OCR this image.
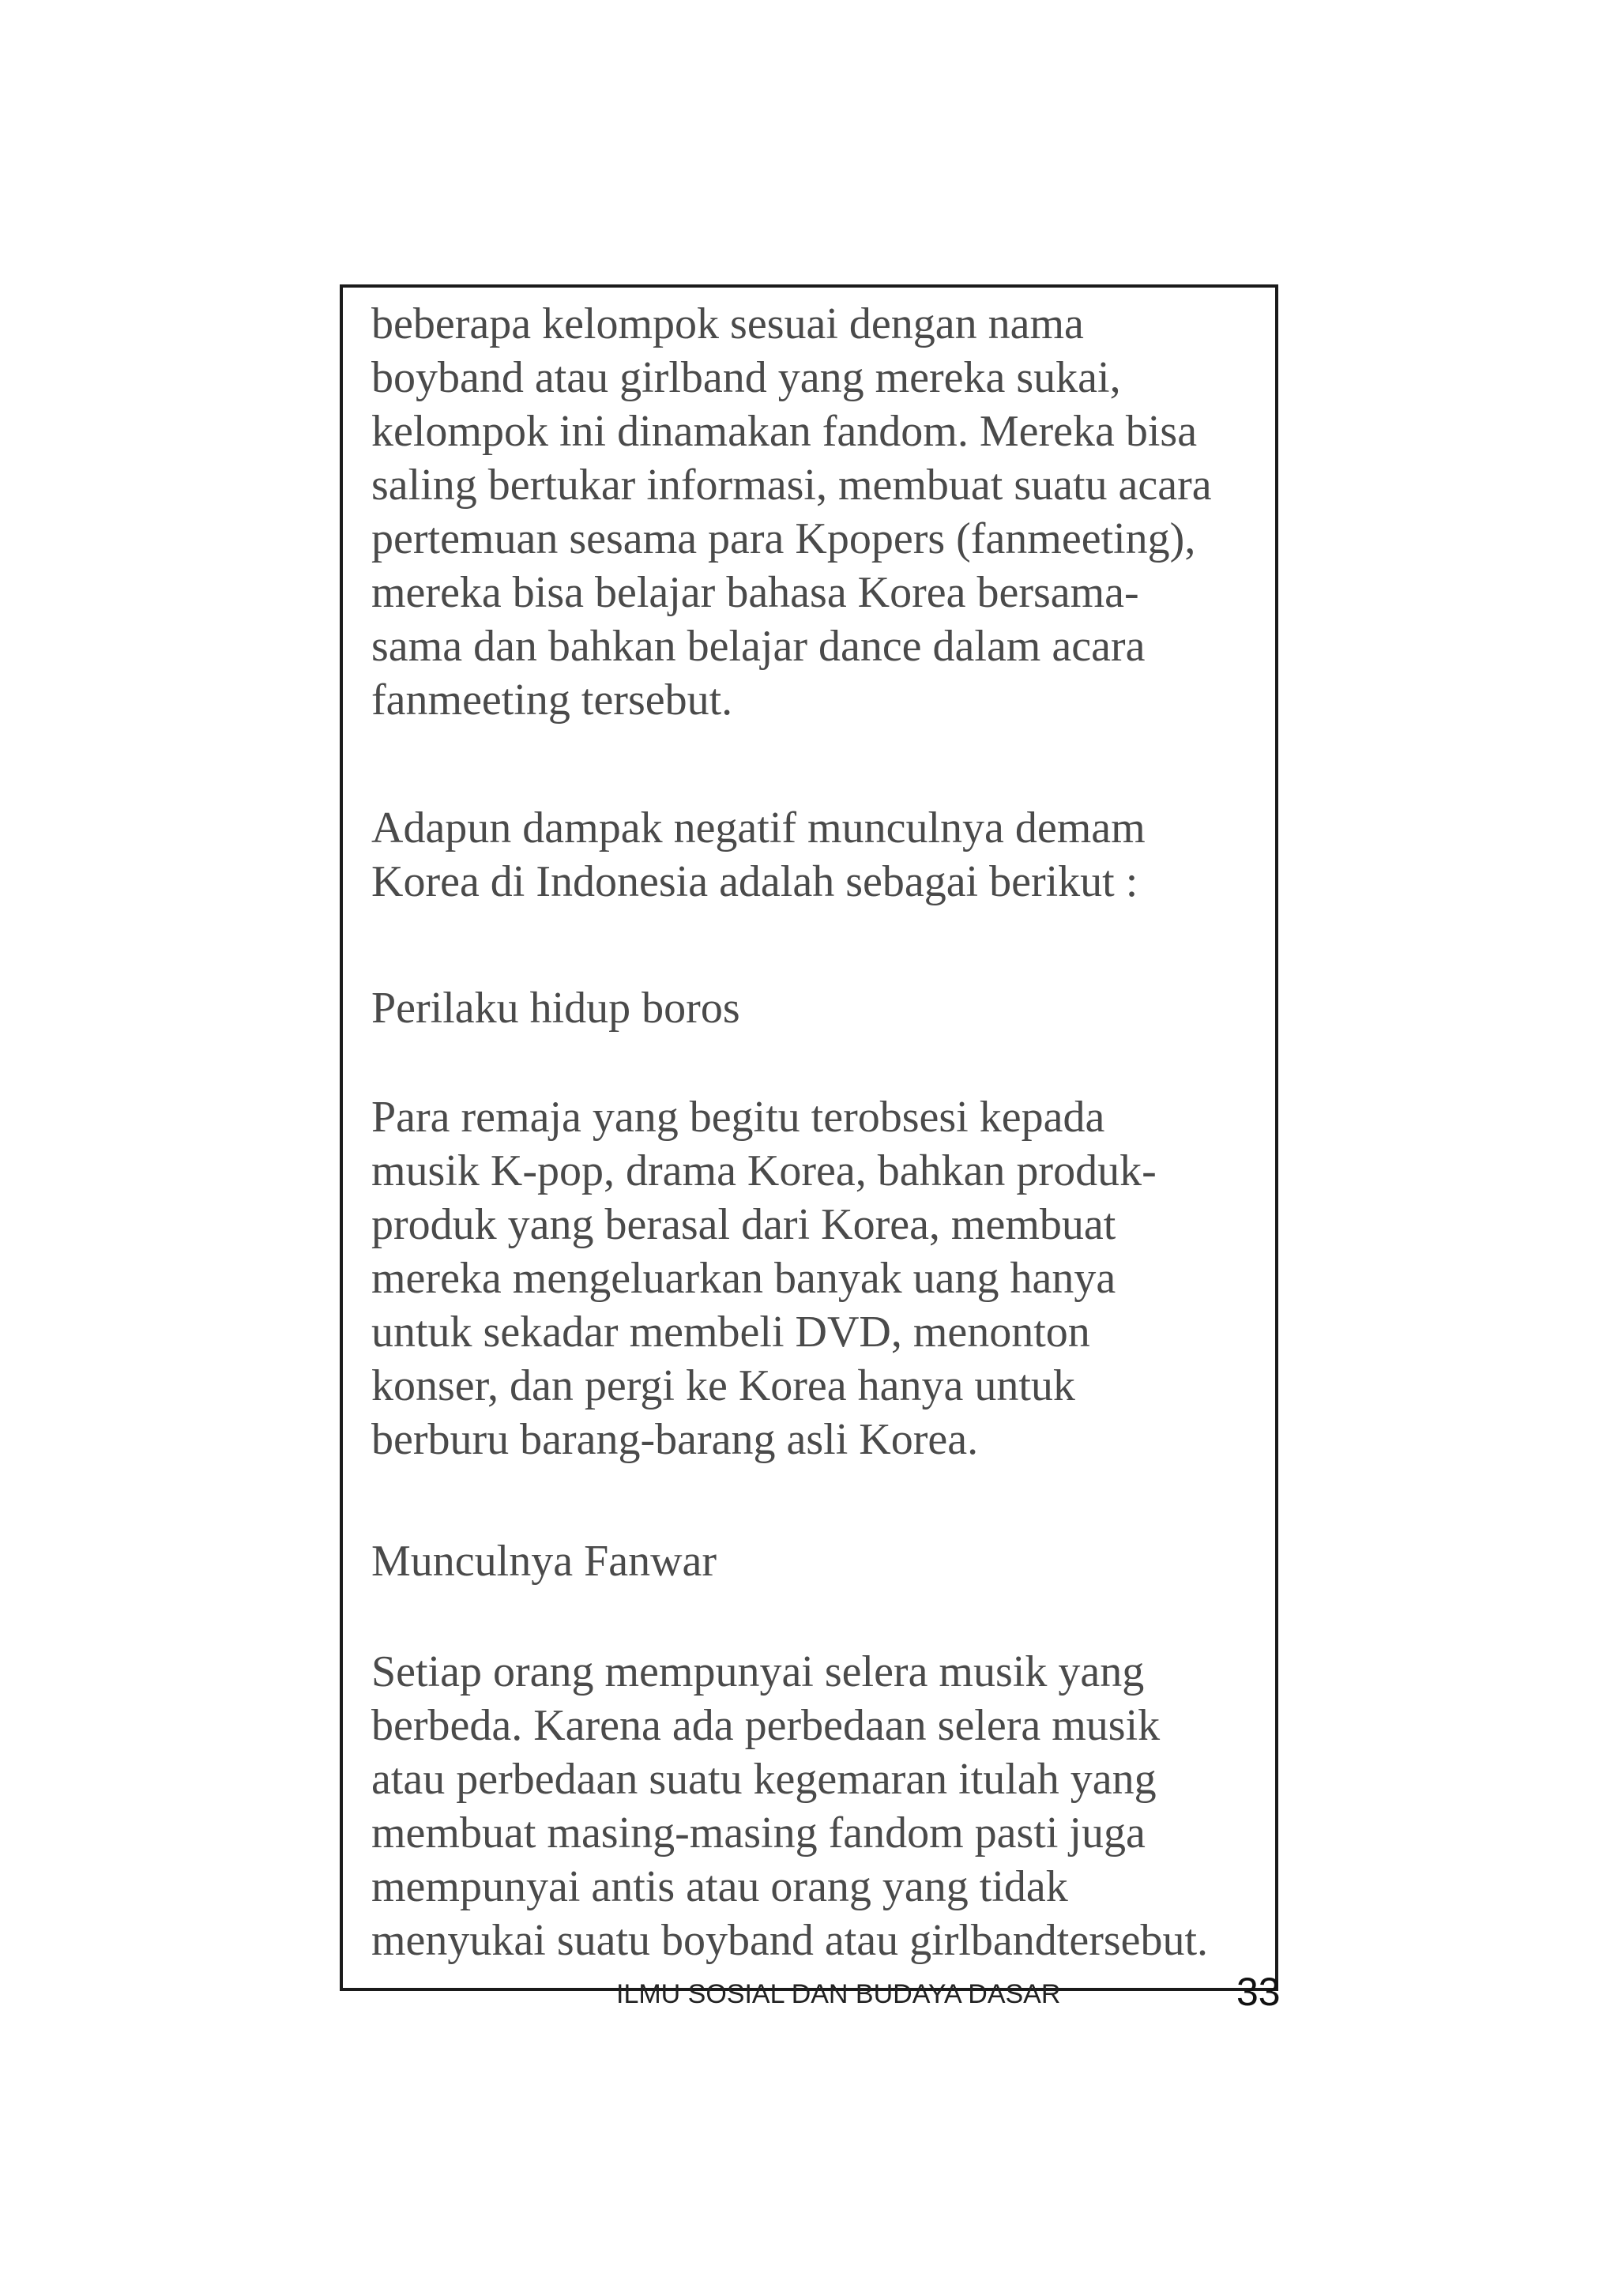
beberapa kelompok sesuai dengan nama
boyband atau girlband yang mereka sukai,
kelompok ini dinamakan fandom. Mereka bisa
saling bertukar informasi, membuat suatu acara
pertemuan sesama para Kpopers (fanmeeting),
mereka bisa belajar bahasa Korea bersama-
sama dan bahkan belajar dance dalam acara
fanmeeting tersebut.
Adapun dampak negatif munculnya demam
Korea di Indonesia adalah sebagai berikut :
Perilaku hidup boros
Para remaja yang begitu terobsesi kepada
musik K-pop, drama Korea, bahkan produk-
produk yang berasal dari Korea, membuat
mereka mengeluarkan banyak uang hanya
untuk sekadar membeli DVD, menonton
konser, dan pergi ke Korea hanya untuk
berburu barang-barang asli Korea.
Munculnya Fanwar
Setiap orang mempunyai selera musik yang
berbeda. Karena ada perbedaan selera musik
atau perbedaan suatu kegemaran itulah yang
membuat masing-masing fandom pasti juga
mempunyai antis atau orang yang tidak
menyukai suatu boyband atau girlbandtersebut.
ILMU SOSIAL DAN BUDAYA DASAR	33
